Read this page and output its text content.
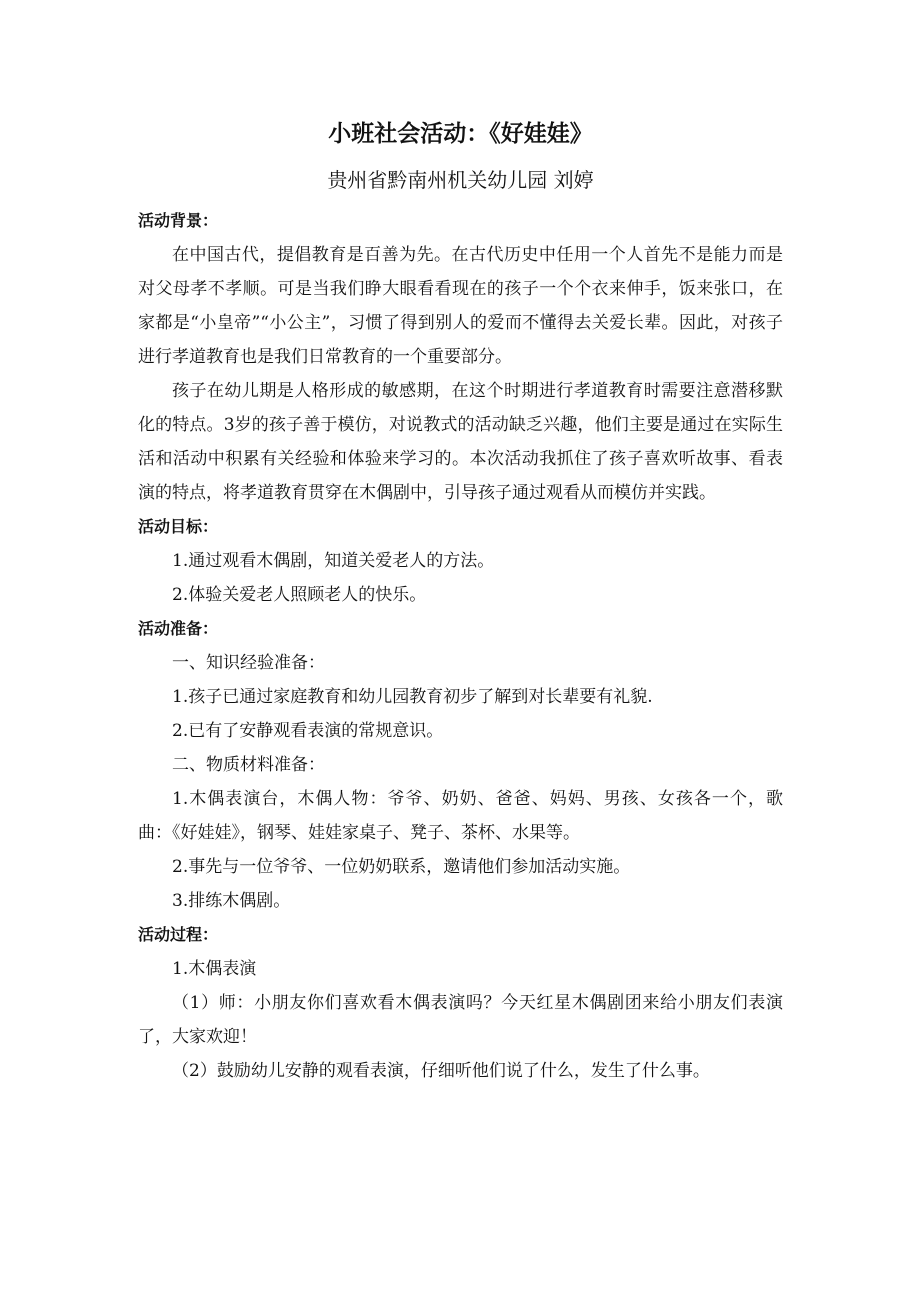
小班社会活动：《好娃娃》
贵州省黔南州机关幼儿园 刘婷
活动背景：

在中国古代，提倡教育是百善为先。在古代历史中任用一个人首先不是能力而是对父母孝不孝顺。可是当我们睁大眼看看现在的孩子一个个衣来伸手，饭来张口，在家都是“小皇帝”“小公主”，习惯了得到别人的爱而不懂得去关爱长辈。因此，对孩子进行孝道教育也是我们日常教育的一个重要部分。

孩子在幼儿期是人格形成的敏感期，在这个时期进行孝道教育时需要注意潜移默化的特点。3岁的孩子善于模仿，对说教式的活动缺乏兴趣，他们主要是通过在实际生活和活动中积累有关经验和体验来学习的。本次活动我抓住了孩子喜欢听故事、看表演的特点，将孝道教育贯穿在木偶剧中，引导孩子通过观看从而模仿并实践。

活动目标：

1.通过观看木偶剧，知道关爱老人的方法。

2.体验关爱老人照顾老人的快乐。

活动准备：

一、知识经验准备：

1.孩子已通过家庭教育和幼儿园教育初步了解到对长辈要有礼貌.

2.已有了安静观看表演的常规意识。

二、物质材料准备：

1.木偶表演台，木偶人物：爷爷、奶奶、爸爸、妈妈、男孩、女孩各一个，歌曲：《好娃娃》，钢琴、娃娃家桌子、凳子、茶杯、水果等。

2.事先与一位爷爷、一位奶奶联系，邀请他们参加活动实施。

3.排练木偶剧。

活动过程：

1.木偶表演

（1）师：小朋友你们喜欢看木偶表演吗？今天红星木偶剧团来给小朋友们表演了，大家欢迎！

（2）鼓励幼儿安静的观看表演，仔细听他们说了什么，发生了什么事。
